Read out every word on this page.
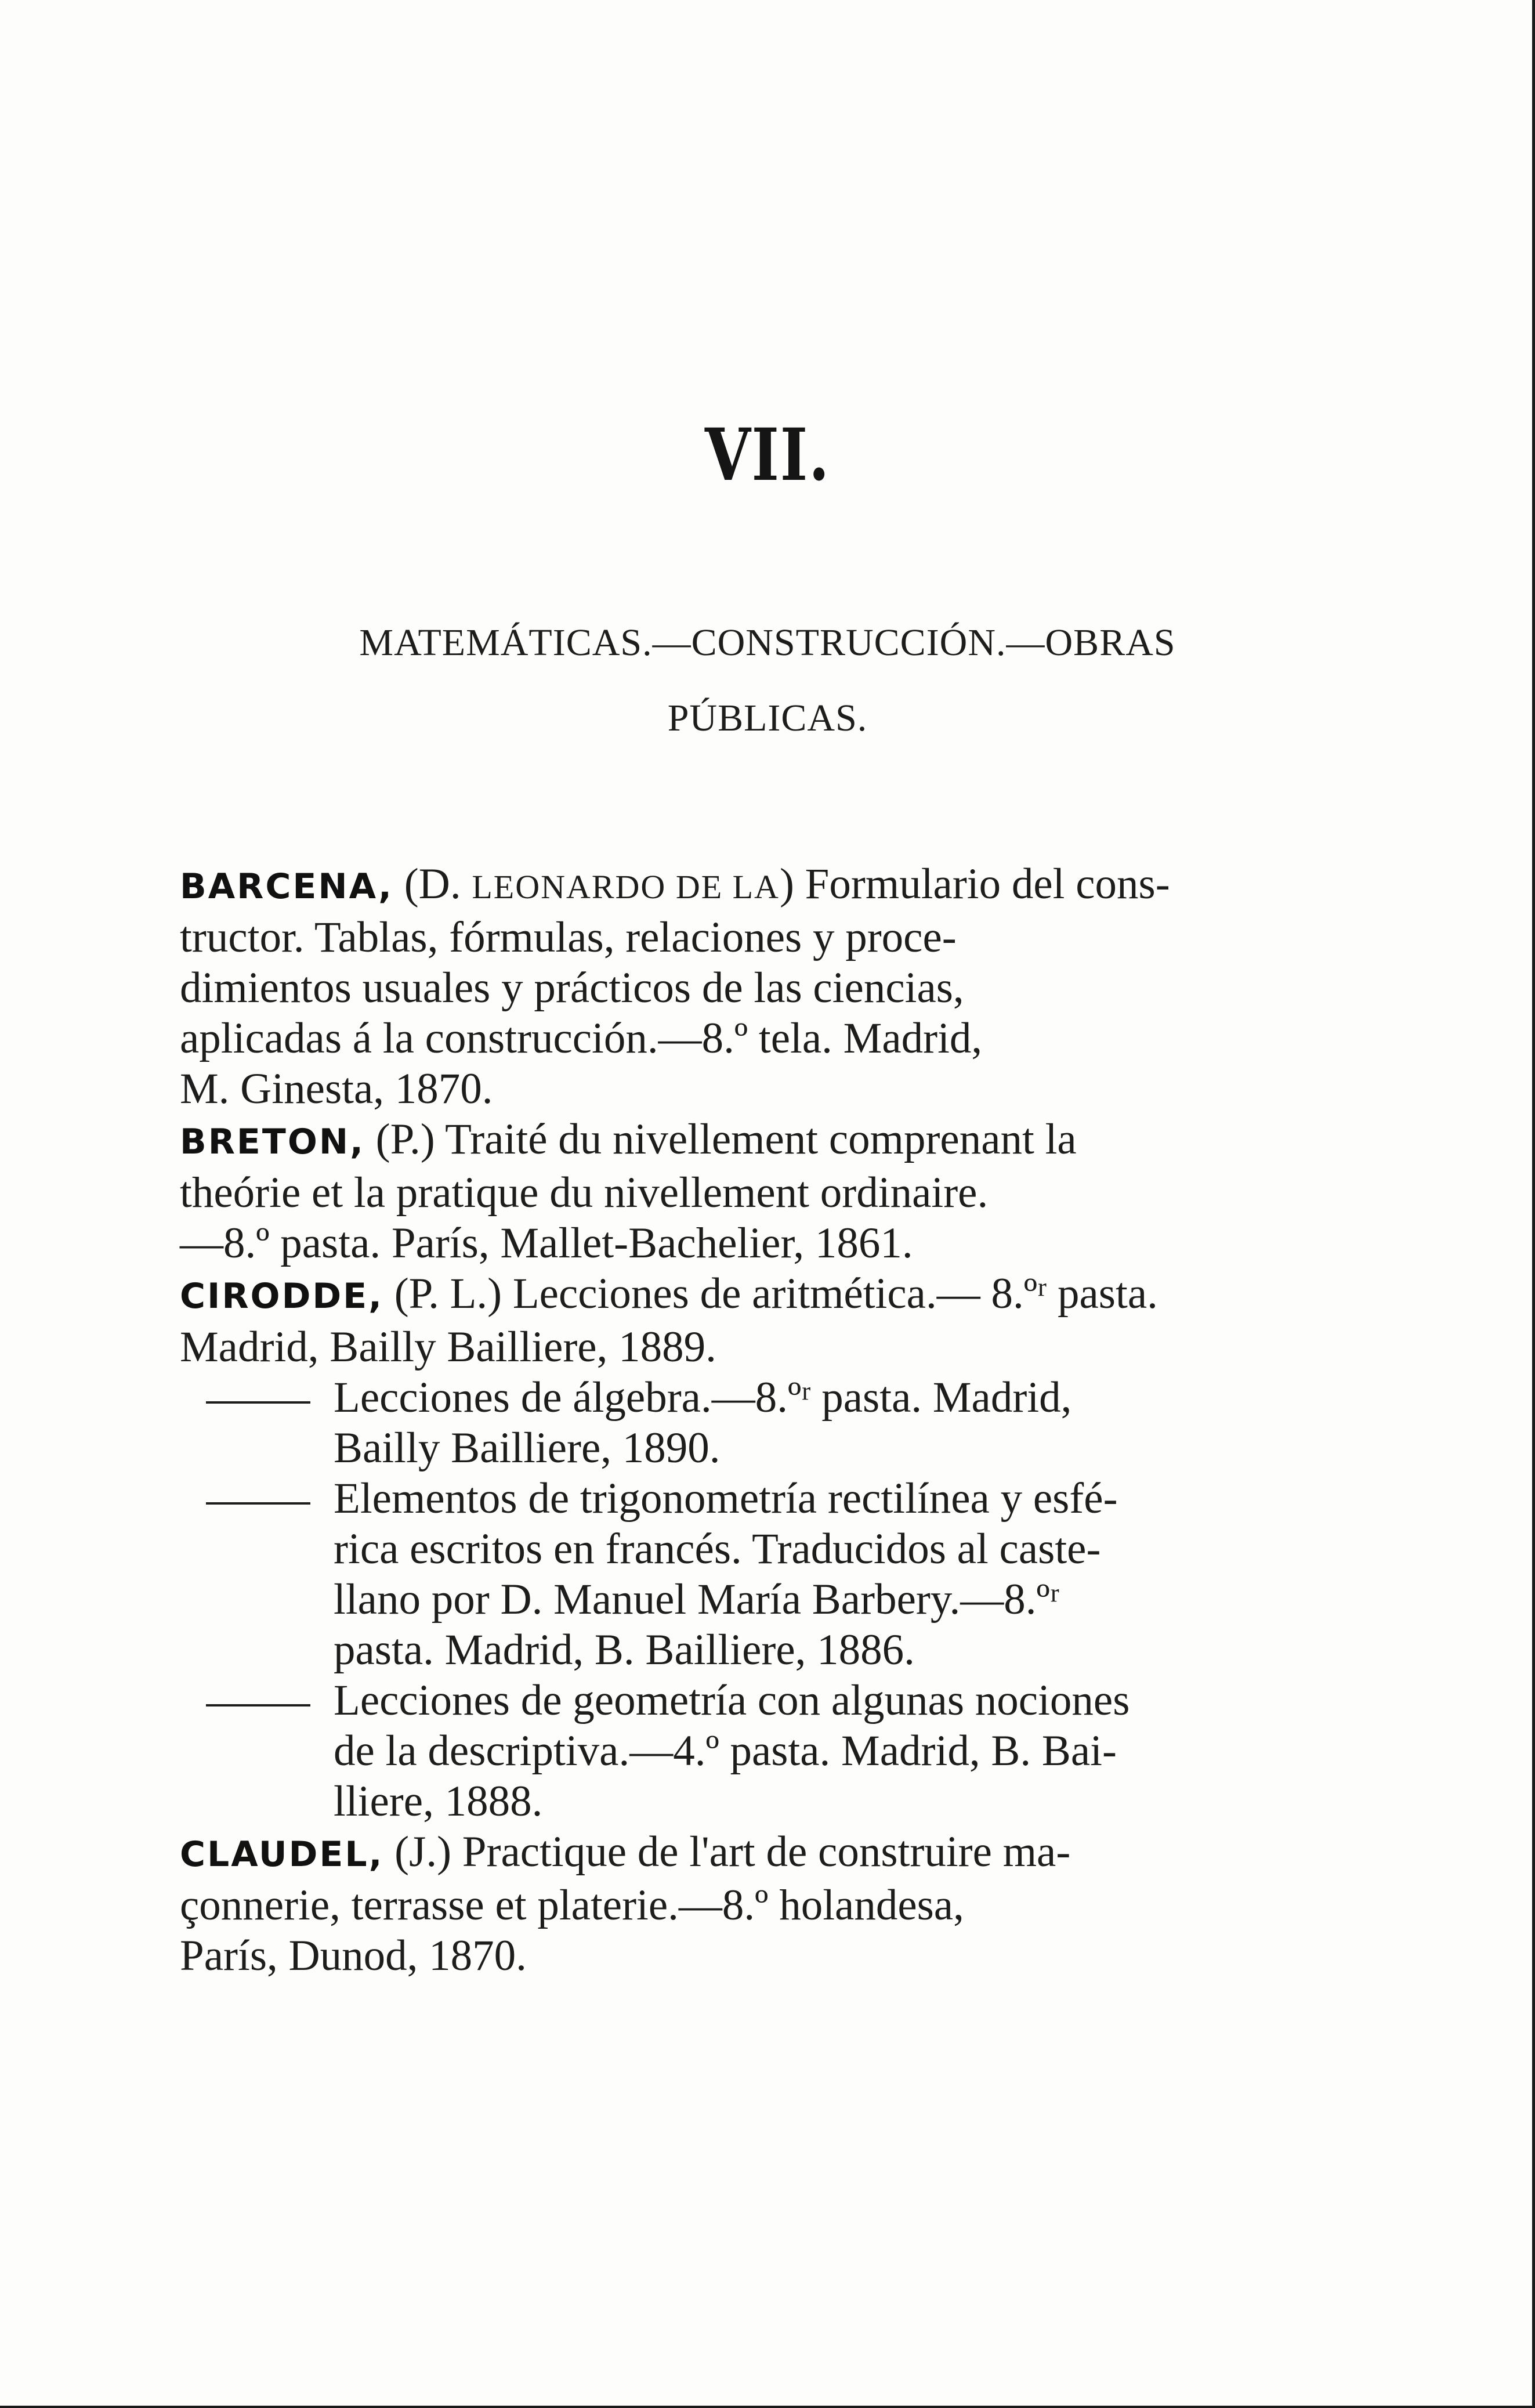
VII.
MATEMÁTICAS.—CONSTRUCCIÓN.—OBRAS
PÚBLICAS.
BARCENA, (D. LEONARDO DE LA) Formulario del cons-
tructor. Tablas, fórmulas, relaciones y proce-
dimientos usuales y prácticos de las ciencias,
aplicadas á la construcción.—8.º tela. Madrid,
M. Ginesta, 1870.
BRETON, (P.) Traité du nivellement comprenant la
theórie et la pratique du nivellement ordinaire.
—8.º pasta. París, Mallet-Bachelier, 1861.
CIRODDE, (P. L.) Lecciones de aritmética.— 8.ºʳ pasta.
Madrid, Bailly Bailliere, 1889.
Lecciones de álgebra.—8.ºʳ pasta. Madrid,
Bailly Bailliere, 1890.
Elementos de trigonometría rectilínea y esfé-
rica escritos en francés. Traducidos al caste-
llano por D. Manuel María Barbery.—8.ºʳ
pasta. Madrid, B. Bailliere, 1886.
Lecciones de geometría con algunas nociones
de la descriptiva.—4.º pasta. Madrid, B. Bai-
lliere, 1888.
CLAUDEL, (J.) Practique de l'art de construire ma-
çonnerie, terrasse et platerie.—8.º holandesa,
París, Dunod, 1870.
